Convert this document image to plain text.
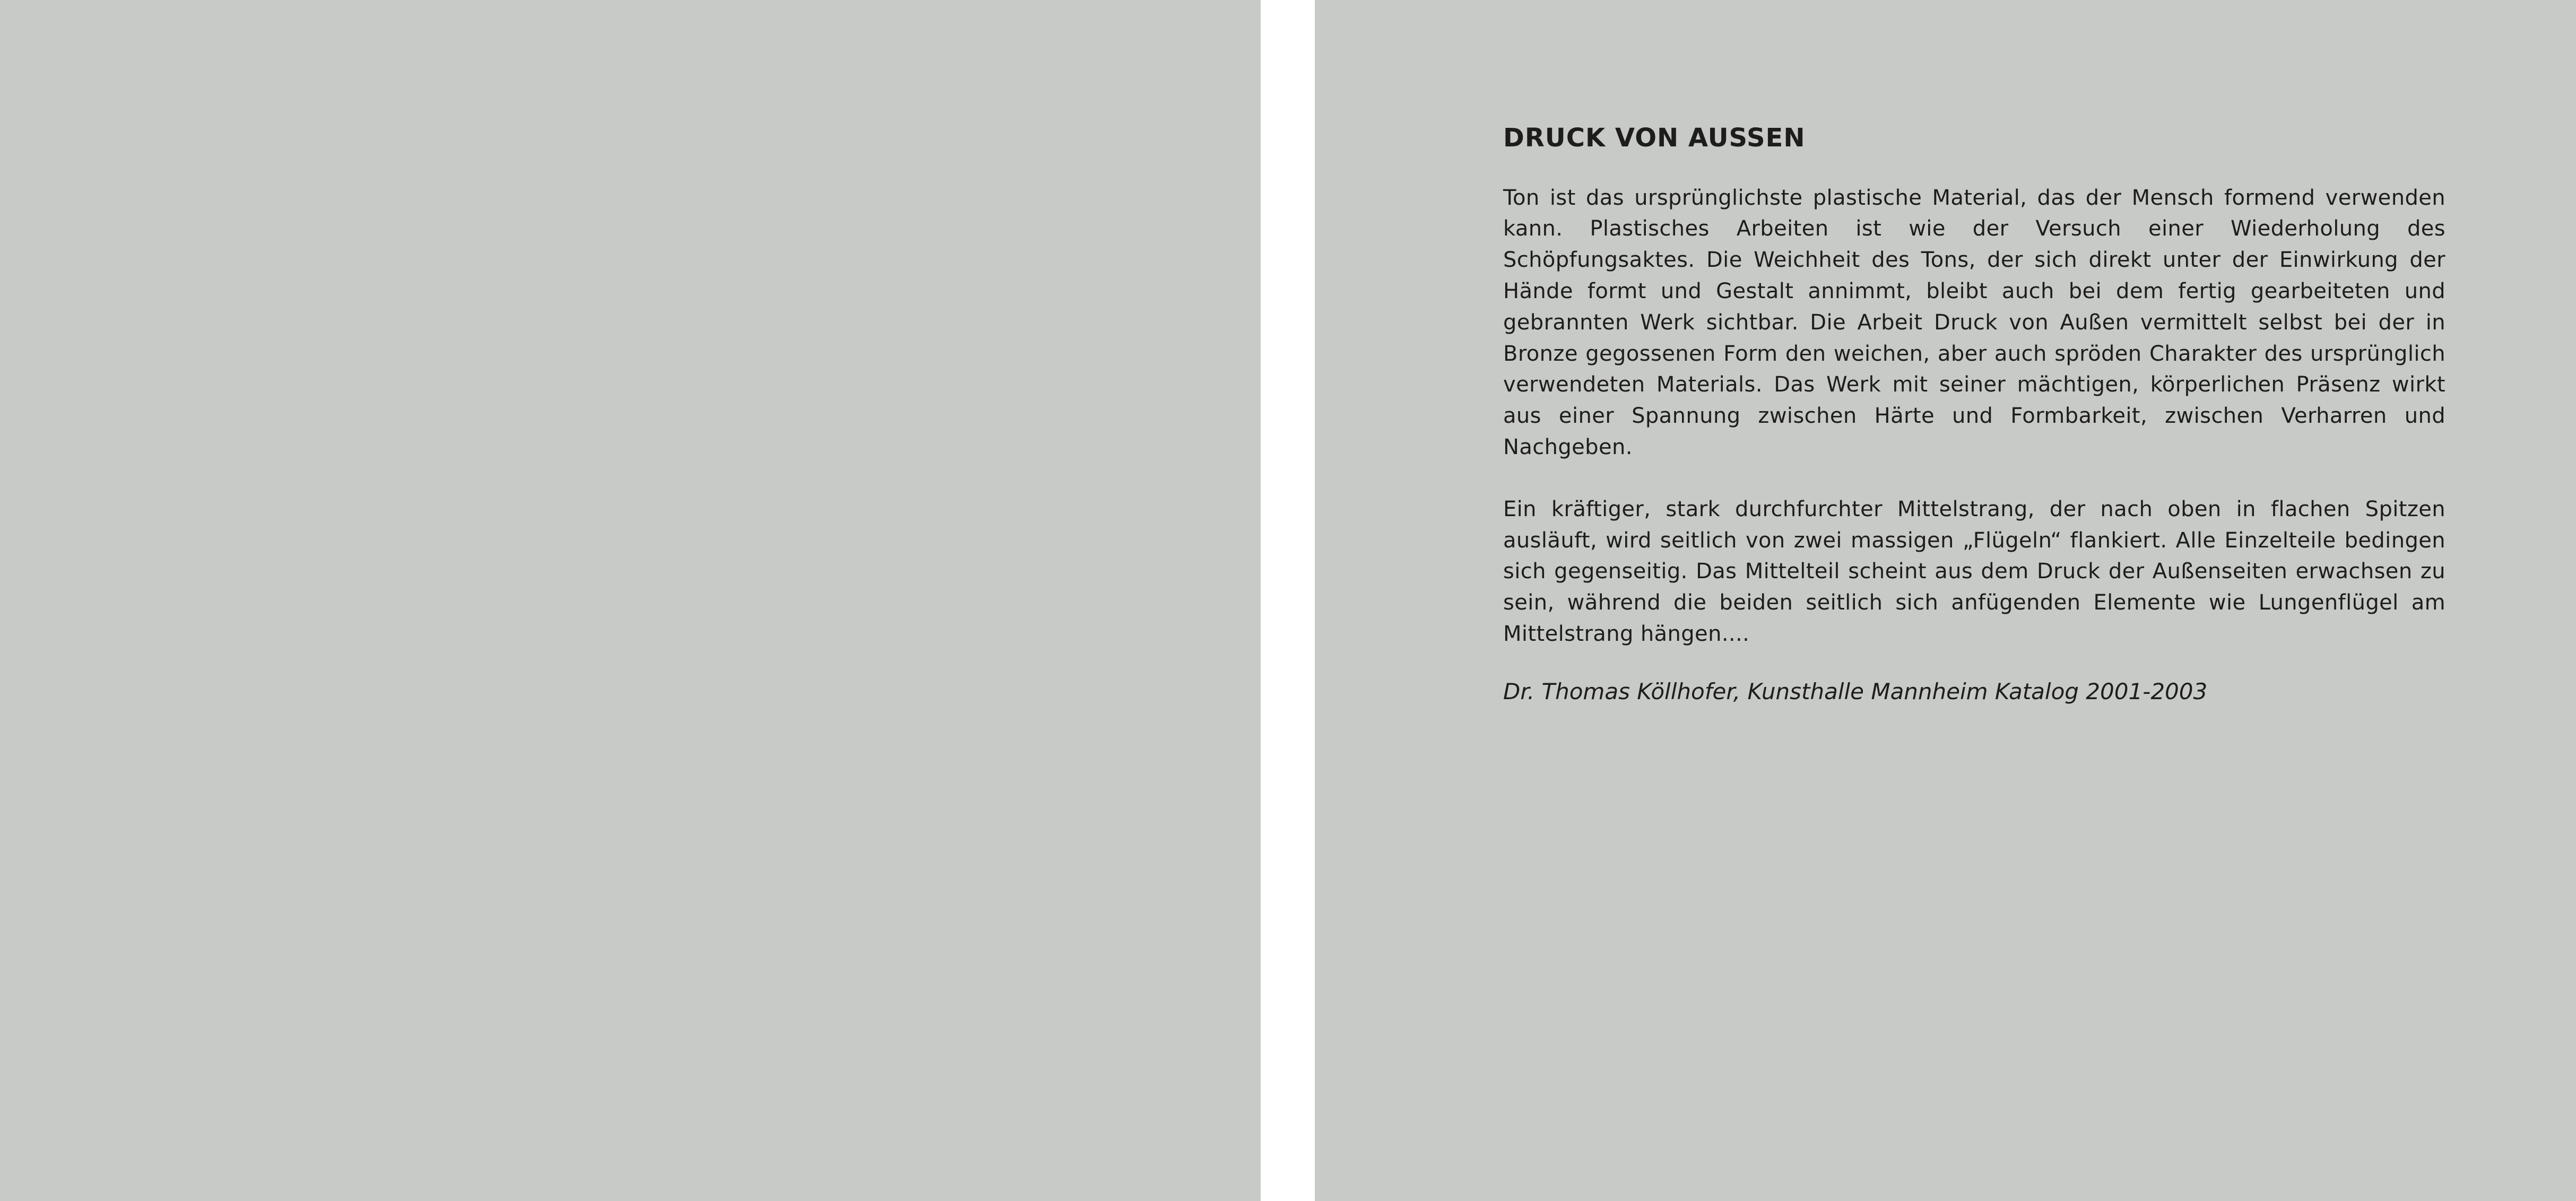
DRUCK VON AUSSEN

Ton ist das ursprünglichste plastische Material, das der Mensch formend verwenden kann. Plastisches Arbeiten ist wie der Versuch einer Wiederholung des Schöpfungsaktes. Die Weichheit des Tons, der sich direkt unter der Einwirkung der Hände formt und Gestalt annimmt, bleibt auch bei dem fertig gearbeiteten und gebrannten Werk sichtbar. Die Arbeit Druck von Außen vermittelt selbst bei der in Bronze gegossenen Form den weichen, aber auch spröden Charakter des ursprünglich verwendeten Materials. Das Werk mit seiner mächtigen, körperlichen Präsenz wirkt aus einer Spannung zwischen Härte und Formbarkeit, zwischen Verharren und Nachgeben.

Ein kräftiger, stark durchfurchter Mittelstrang, der nach oben in flachen Spitzen ausläuft, wird seitlich von zwei massigen „Flügeln“ flankiert. Alle Einzelteile bedingen sich gegenseitig. Das Mittelteil scheint aus dem Druck der Außenseiten erwachsen zu sein, während die beiden seitlich sich anfügenden Elemente wie Lungenflügel am Mittelstrang hängen....

Dr. Thomas Köllhofer, Kunsthalle Mannheim Katalog 2001-2003
